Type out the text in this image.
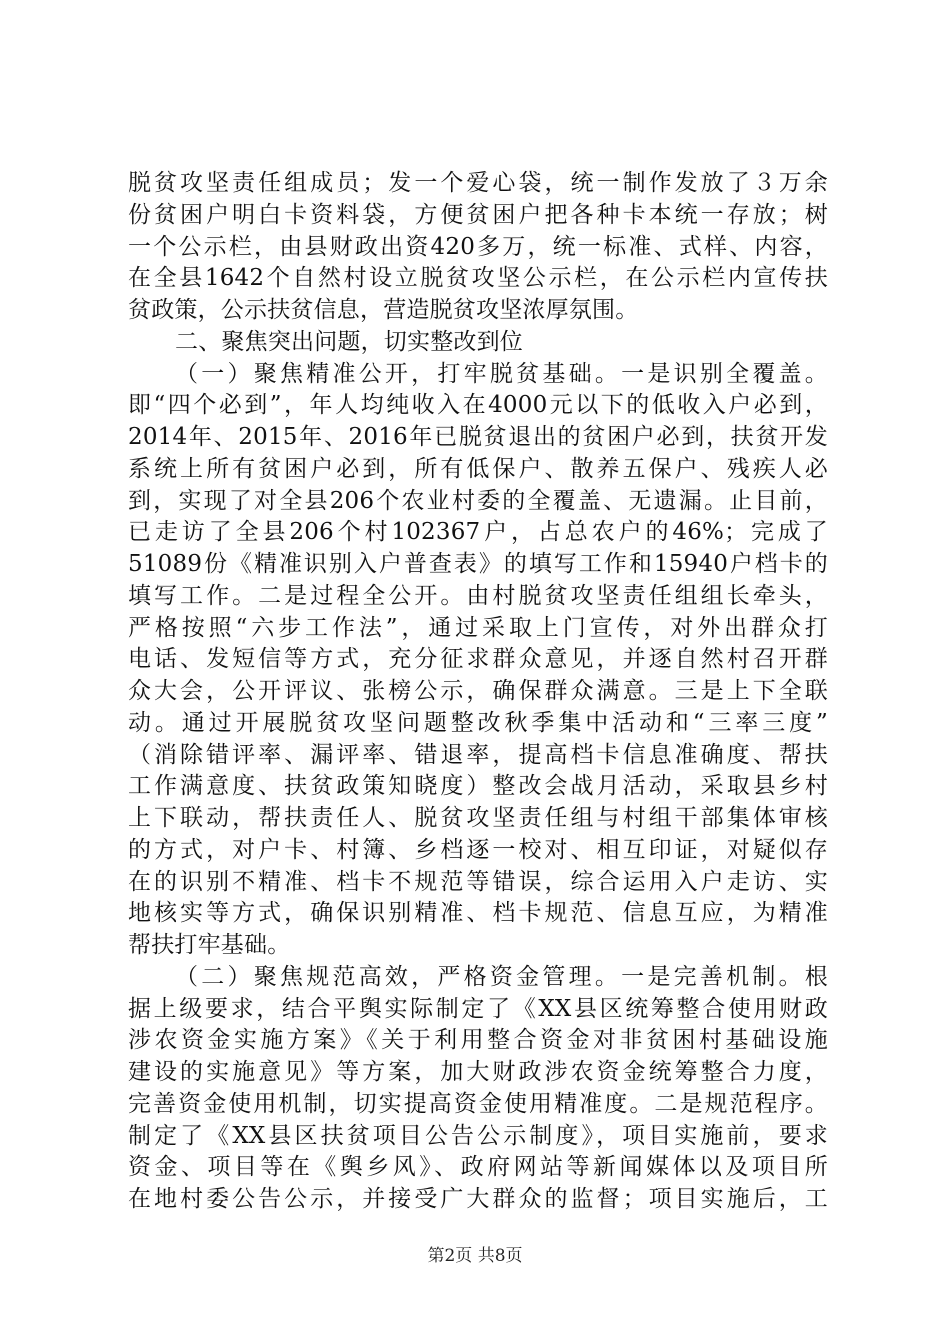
脱贫攻坚责任组成员；发一个爱心袋，统一制作发放了３万余
份贫困户明白卡资料袋，方便贫困户把各种卡本统一存放；树
一个公示栏，由县财政出资420多万，统一标准、式样、内容，
在全县1642个自然村设立脱贫攻坚公示栏，在公示栏内宣传扶
贫政策，公示扶贫信息，营造脱贫攻坚浓厚氛围。
二、聚焦突出问题，切实整改到位
（一）聚焦精准公开，打牢脱贫基础。一是识别全覆盖。
即“四个必到”，年人均纯收入在4000元以下的低收入户必到，
2014年、2015年、2016年已脱贫退出的贫困户必到，扶贫开发
系统上所有贫困户必到，所有低保户、散养五保户、残疾人必
到，实现了对全县206个农业村委的全覆盖、无遗漏。止目前，
已走访了全县206个村102367户，占总农户的46%；完成了
51089份《精准识别入户普查表》的填写工作和15940户档卡的
填写工作。二是过程全公开。由村脱贫攻坚责任组组长牵头，
严格按照“六步工作法”，通过采取上门宣传，对外出群众打
电话、发短信等方式，充分征求群众意见，并逐自然村召开群
众大会，公开评议、张榜公示，确保群众满意。三是上下全联
动。通过开展脱贫攻坚问题整改秋季集中活动和“三率三度”
（消除错评率、漏评率、错退率，提高档卡信息准确度、帮扶
工作满意度、扶贫政策知晓度）整改会战月活动，采取县乡村
上下联动，帮扶责任人、脱贫攻坚责任组与村组干部集体审核
的方式，对户卡、村簿、乡档逐一校对、相互印证，对疑似存
在的识别不精准、档卡不规范等错误，综合运用入户走访、实
地核实等方式，确保识别精准、档卡规范、信息互应，为精准
帮扶打牢基础。
（二）聚焦规范高效，严格资金管理。一是完善机制。根
据上级要求，结合平舆实际制定了《XX县区统筹整合使用财政
涉农资金实施方案》《关于利用整合资金对非贫困村基础设施
建设的实施意见》等方案，加大财政涉农资金统筹整合力度，
完善资金使用机制，切实提高资金使用精准度。二是规范程序。
制定了《XX县区扶贫项目公告公示制度》，项目实施前，要求
资金、项目等在《舆乡风》、政府网站等新闻媒体以及项目所
在地村委公告公示，并接受广大群众的监督；项目实施后，工
第2页 共8页
